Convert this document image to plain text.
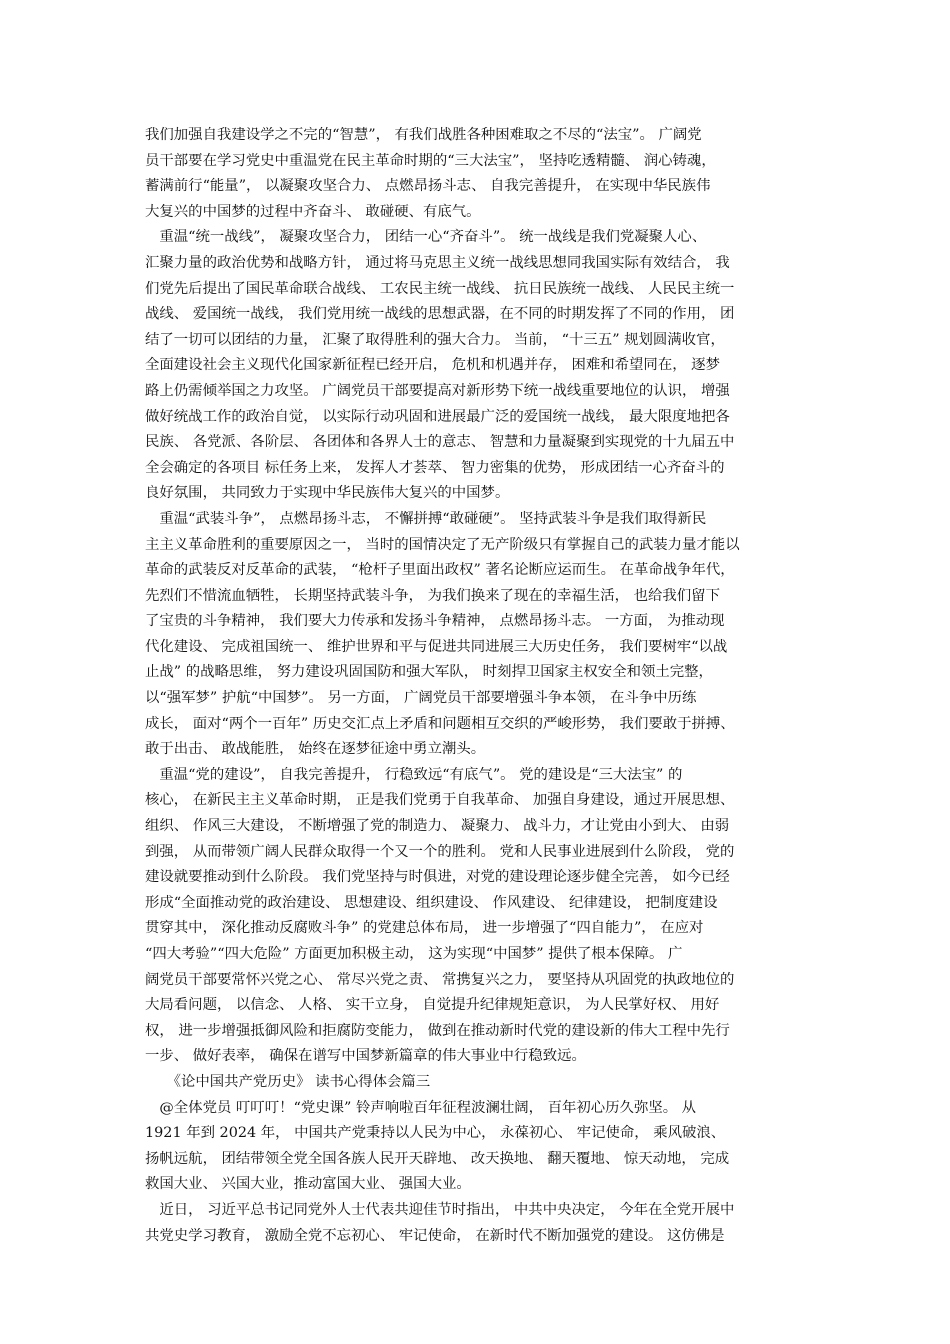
我们加强自我建设学之不完的“智慧”， 有我们战胜各种困难取之不尽的“法宝”。 广阔党
员干部要在学习党史中重温党在民主革命时期的“三大法宝”， 坚持吃透精髓、 润心铸魂，
蓄满前行“能量”， 以凝聚攻坚合力、 点燃昂扬斗志、 自我完善提升， 在实现中华民族伟
大复兴的中国梦的过程中齐奋斗、 敢碰硬、有底气。
　重温“统一战线”， 凝聚攻坚合力， 团结一心“齐奋斗”。 统一战线是我们党凝聚人心、
汇聚力量的政治优势和战略方针， 通过将马克思主义统一战线思想同我国实际有效结合， 我
们党先后提出了国民革命联合战线、 工农民主统一战线、 抗日民族统一战线、 人民民主统一
战线、 爱国统一战线， 我们党用统一战线的思想武器，在不同的时期发挥了不同的作用， 团
结了一切可以团结的力量， 汇聚了取得胜利的强大合力。 当前， “十三五” 规划圆满收官，
全面建设社会主义现代化国家新征程已经开启， 危机和机遇并存， 困难和希望同在， 逐梦
路上仍需倾举国之力攻坚。 广阔党员干部要提高对新形势下统一战线重要地位的认识， 增强
做好统战工作的政治自觉， 以实际行动巩固和进展最广泛的爱国统一战线， 最大限度地把各
民族、 各党派、各阶层、 各团体和各界人士的意志、 智慧和力量凝聚到实现党的十九届五中
全会确定的各项目 标任务上来， 发挥人才荟萃、 智力密集的优势， 形成团结一心齐奋斗的
良好氛围， 共同致力于实现中华民族伟大复兴的中国梦。
　重温“武装斗争”， 点燃昂扬斗志， 不懈拼搏“敢碰硬”。 坚持武装斗争是我们取得新民
主主义革命胜利的重要原因之一， 当时的国情决定了无产阶级只有掌握自己的武装力量才能以
革命的武装反对反革命的武装， “枪杆子里面出政权” 著名论断应运而生。 在革命战争年代，
先烈们不惜流血牺牲， 长期坚持武装斗争， 为我们换来了现在的幸福生活， 也给我们留下
了宝贵的斗争精神， 我们要大力传承和发扬斗争精神， 点燃昂扬斗志。 一方面， 为推动现
代化建设、 完成祖国统一、 维护世界和平与促进共同进展三大历史任务， 我们要树牢“以战
止战” 的战略思维， 努力建设巩固国防和强大军队， 时刻捍卫国家主权安全和领土完整，
以“强军梦” 护航“中国梦”。 另一方面， 广阔党员干部要增强斗争本领， 在斗争中历练
成长， 面对“两个一百年” 历史交汇点上矛盾和问题相互交织的严峻形势， 我们要敢于拼搏、
敢于出击、 敢战能胜， 始终在逐梦征途中勇立潮头。
　重温“党的建设”， 自我完善提升， 行稳致远“有底气”。 党的建设是“三大法宝” 的
核心， 在新民主主义革命时期， 正是我们党勇于自我革命、 加强自身建设，通过开展思想、
组织、 作风三大建设， 不断增强了党的制造力、 凝聚力、 战斗力，才让党由小到大、 由弱
到强， 从而带领广阔人民群众取得一个又一个的胜利。 党和人民事业进展到什么阶段， 党的
建设就要推动到什么阶段。 我们党坚持与时俱进，对党的建设理论逐步健全完善， 如今已经
形成“全面推动党的政治建设、 思想建设、组织建设、 作风建设、 纪律建设， 把制度建设
贯穿其中， 深化推动反腐败斗争” 的党建总体布局， 进一步增强了“四自能力”， 在应对
“四大考验”“四大危险” 方面更加积极主动， 这为实现“中国梦” 提供了根本保障。 广
阔党员干部要常怀兴党之心、 常尽兴党之责、 常携复兴之力， 要坚持从巩固党的执政地位的
大局看问题， 以信念、 人格、 实干立身， 自觉提升纪律规矩意识， 为人民掌好权、 用好
权， 进一步增强抵御风险和拒腐防变能力， 做到在推动新时代党的建设新的伟大工程中先行
一步、 做好表率， 确保在谱写中国梦新篇章的伟大事业中行稳致远。
　　《论中国共产党历史》 读书心得体会篇三
　@全体党员 叮叮叮！“党史课” 铃声响啦百年征程波澜壮阔， 百年初心历久弥坚。 从
1921 年到 2024 年， 中国共产党秉持以人民为中心， 永葆初心、 牢记使命， 乘风破浪、
扬帆远航， 团结带领全党全国各族人民开天辟地、 改天换地、 翻天覆地、 惊天动地， 完成
救国大业、 兴国大业，推动富国大业、 强国大业。
　近日， 习近平总书记同党外人士代表共迎佳节时指出， 中共中央决定， 今年在全党开展中
共党史学习教育， 激励全党不忘初心、 牢记使命， 在新时代不断加强党的建设。 这仿佛是
